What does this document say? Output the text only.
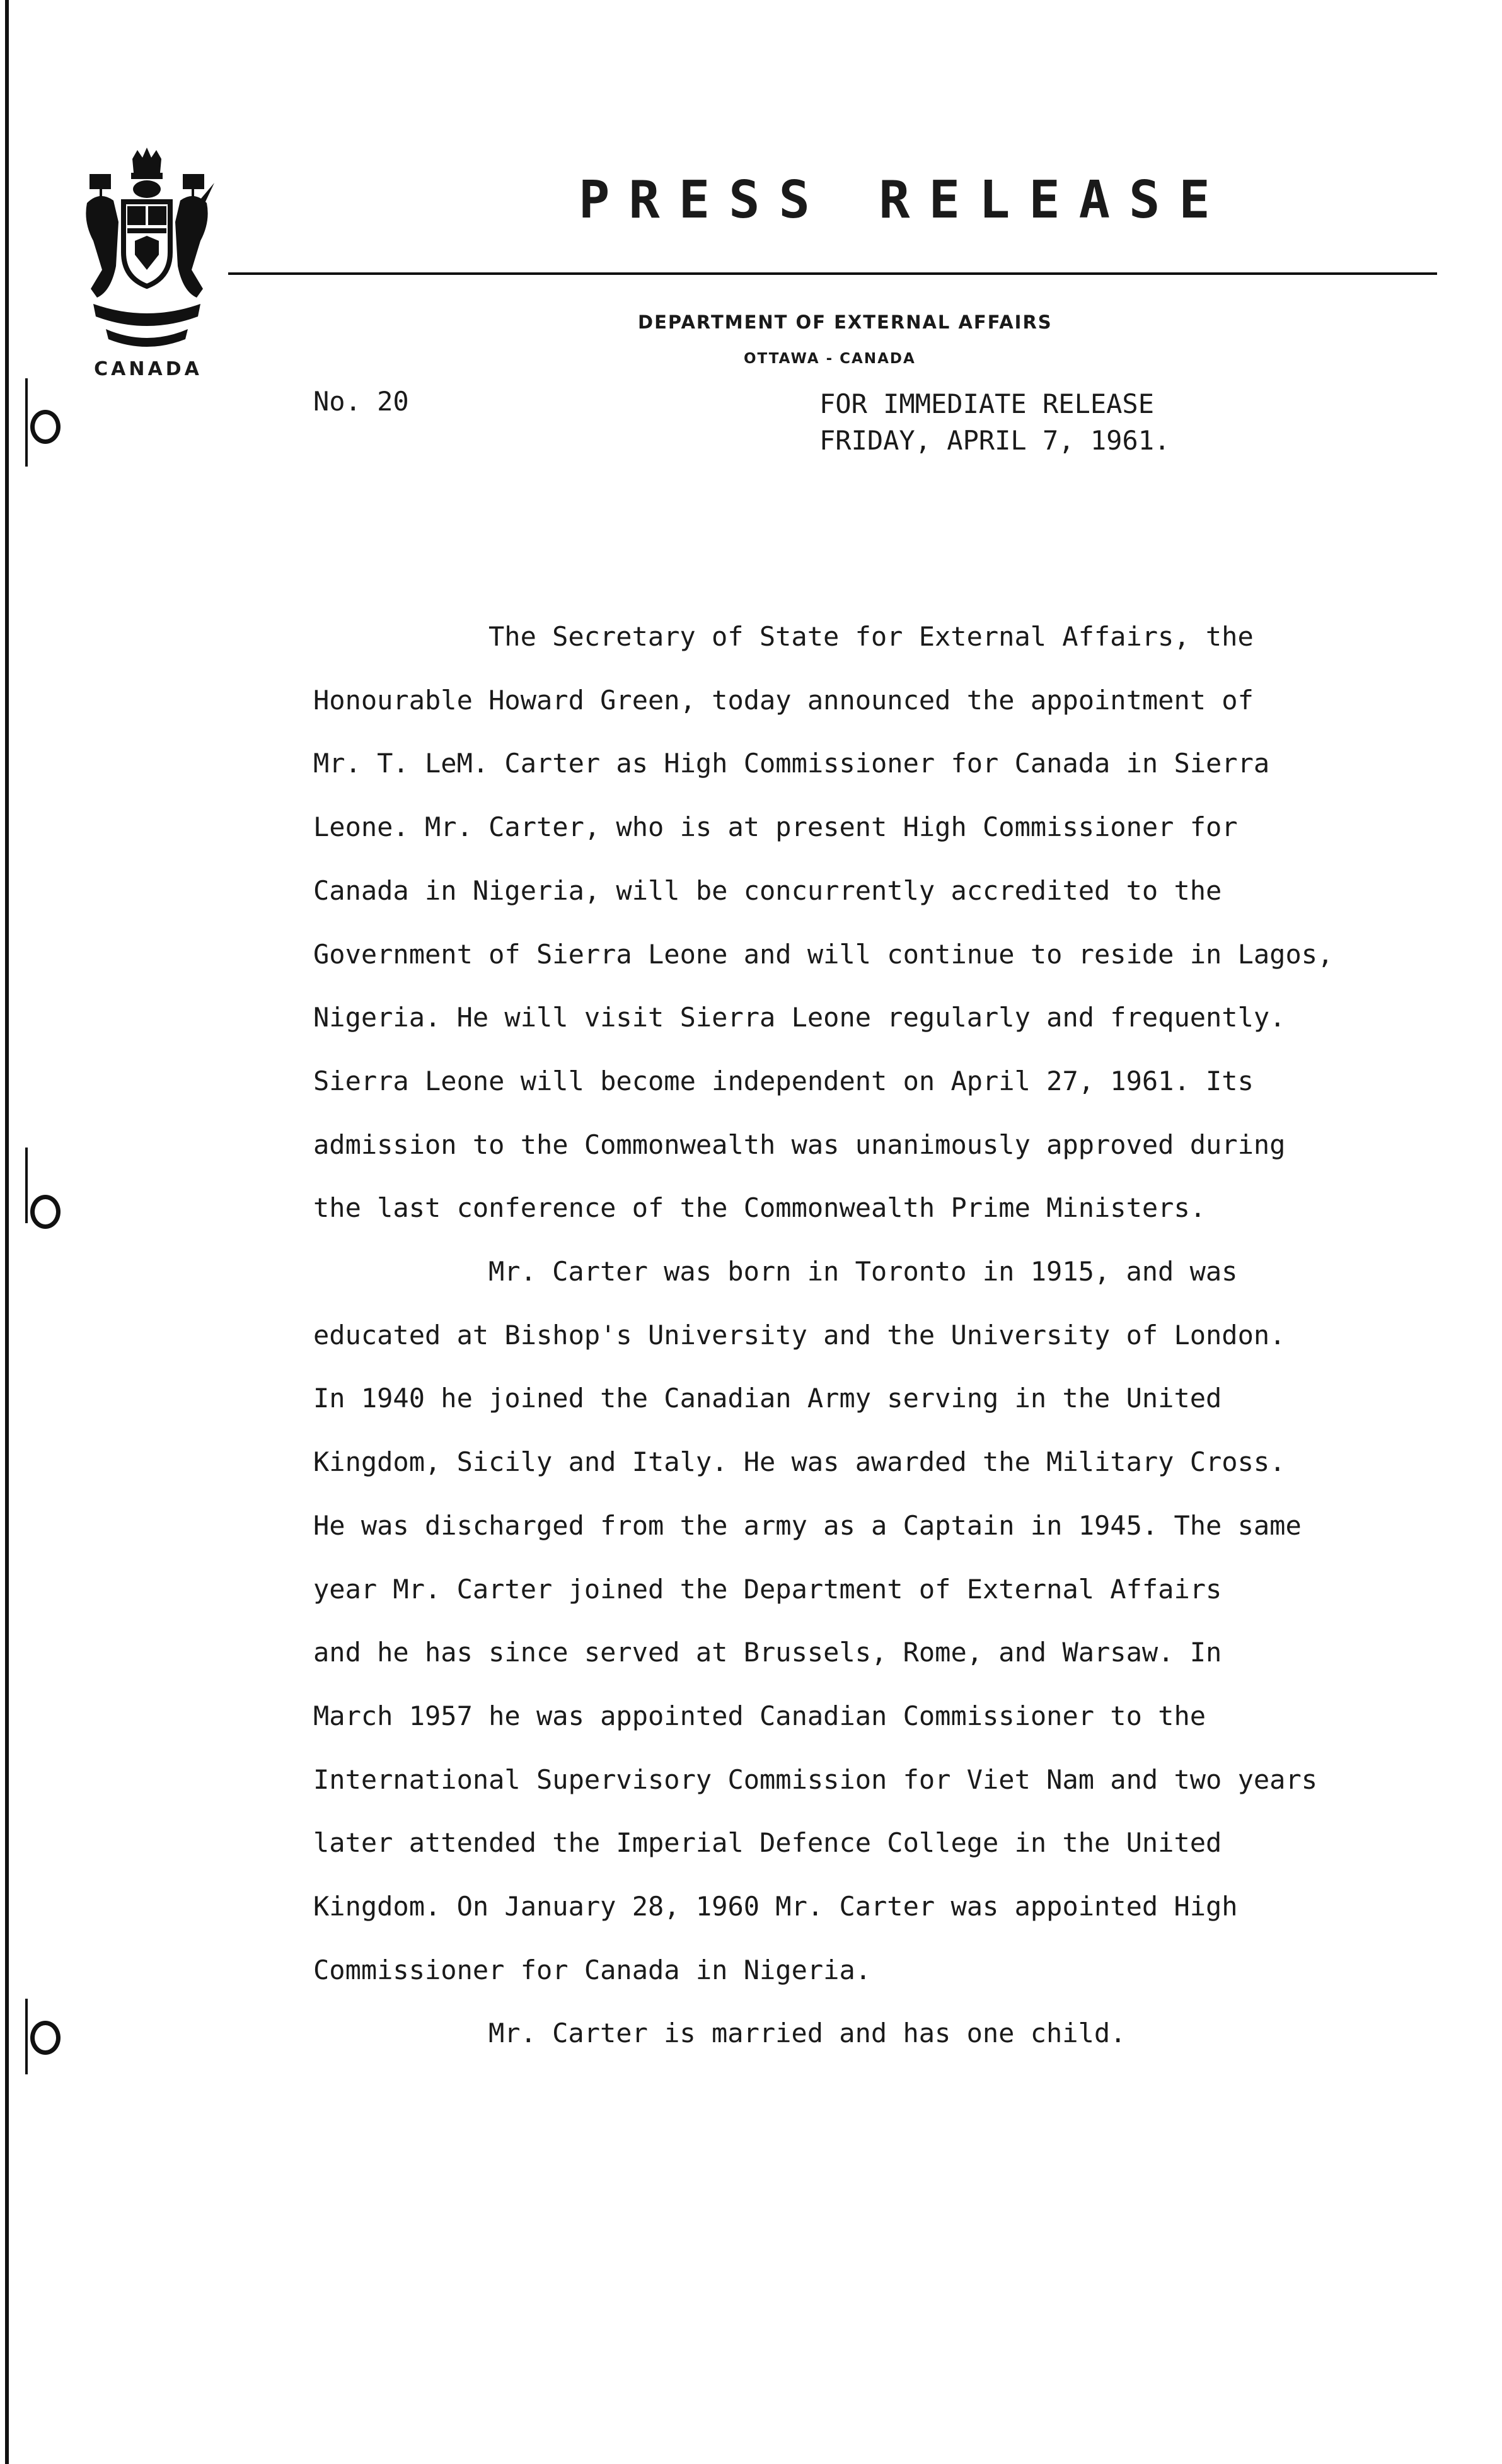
CANADA
PRESS RELEASE
DEPARTMENT OF EXTERNAL AFFAIRS
OTTAWA - CANADA
No. 20	FOR IMMEDIATE RELEASE
FRIDAY, APRIL 7, 1961.
The Secretary of State for External Affairs, the
Honourable Howard Green, today announced the appointment of
Mr. T. LeM. Carter as High Commissioner for Canada in Sierra
Leone. Mr. Carter, who is at present High Commissioner for
Canada in Nigeria, will be concurrently accredited to the
Government of Sierra Leone and will continue to reside in Lagos,
Nigeria. He will visit Sierra Leone regularly and frequently.
Sierra Leone will become independent on April 27, 1961. Its
admission to the Commonwealth was unanimously approved during
the last conference of the Commonwealth Prime Ministers.
Mr. Carter was born in Toronto in 1915, and was
educated at Bishop's University and the University of London.
In 1940 he joined the Canadian Army serving in the United
Kingdom, Sicily and Italy. He was awarded the Military Cross.
He was discharged from the army as a Captain in 1945. The same
year Mr. Carter joined the Department of External Affairs
and he has since served at Brussels, Rome, and Warsaw. In
March 1957 he was appointed Canadian Commissioner to the
International Supervisory Commission for Viet Nam and two years
later attended the Imperial Defence College in the United
Kingdom. On January 28, 1960 Mr. Carter was appointed High
Commissioner for Canada in Nigeria.
Mr. Carter is married and has one child.
